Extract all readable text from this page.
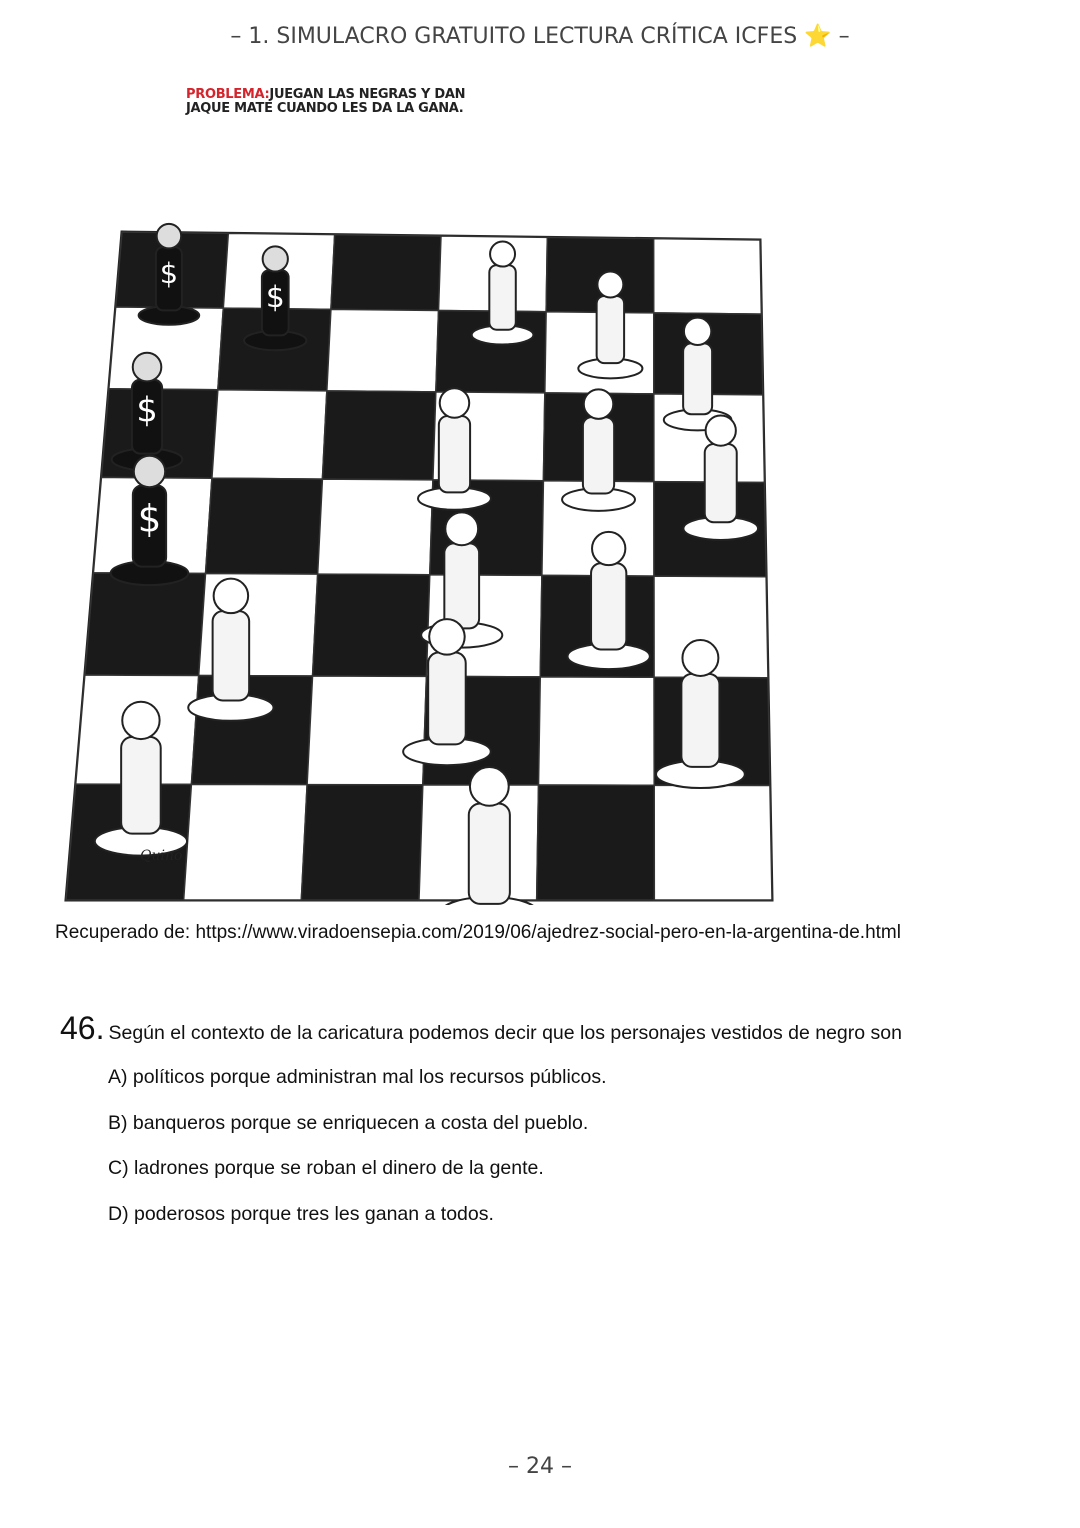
– 1. SIMULACRO GRATUITO LECTURA CRÍTICA ICFES ⭐ –
$
$
$
$
Quino
PROBLEMA:JUEGAN LAS NEGRAS Y DAN
JAQUE MATE CUANDO LES DA LA GANA.
Recuperado de: https://www.viradoensepia.com/2019/06/ajedrez-social-pero-en-la-argentina-de.html
46. Según el contexto de la caricatura podemos decir que los personajes vestidos de negro son
A) políticos porque administran mal los recursos públicos.
B) banqueros porque se enriquecen a costa del pueblo.
C) ladrones porque se roban el dinero de la gente.
D) poderosos porque tres les ganan a todos.
– 24 –
